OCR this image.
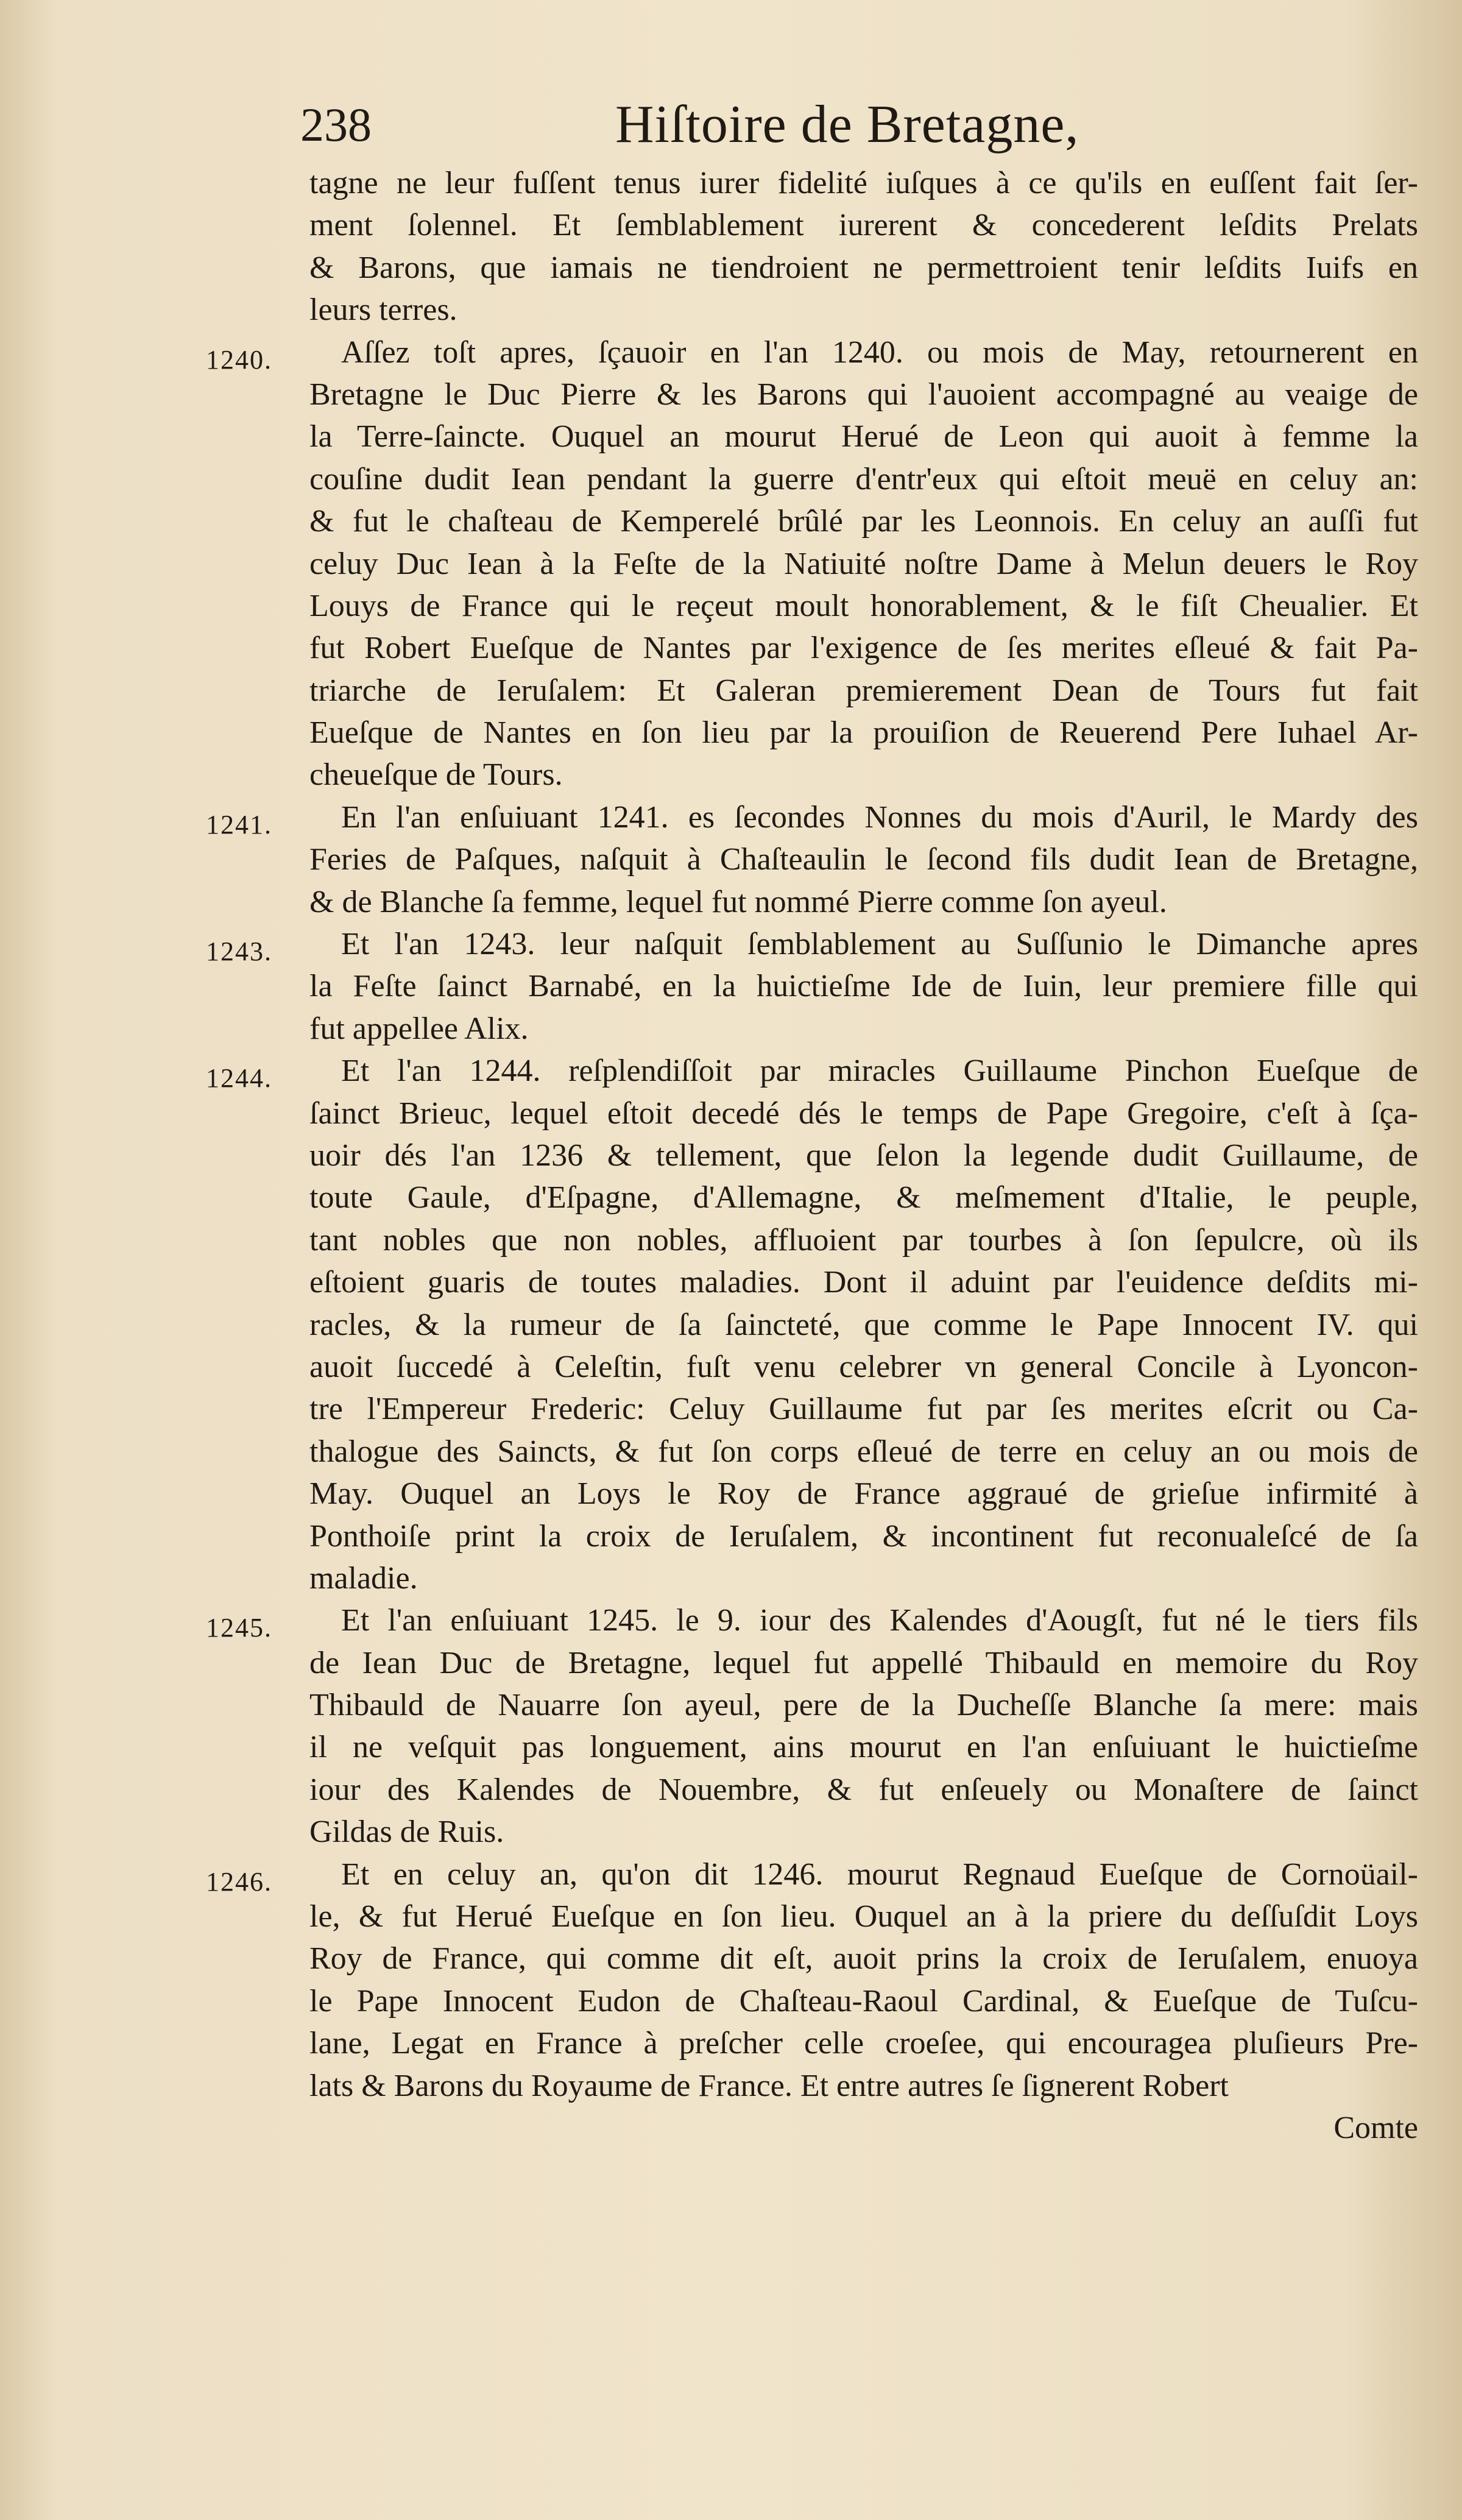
238	Hiſtoire de Bretagne,
tagne ne leur fuſſent tenus iurer fidelité iuſques à ce qu'ils en euſſent fait ſer-
ment ſolennel. Et ſemblablement iurerent & concederent leſdits Prelats
& Barons, que iamais ne tiendroient ne permettroient tenir leſdits Iuifs en
leurs terres.
1240.	Aſſez toſt apres, ſçauoir en l'an 1240. ou mois de May, retournerent en
Bretagne le Duc Pierre & les Barons qui l'auoient accompagné au veaige de
la Terre-ſaincte. Ouquel an mourut Herué de Leon qui auoit à femme la
couſine dudit Iean pendant la guerre d'entr'eux qui eſtoit meuë en celuy an:
& fut le chaſteau de Kemperelé brûlé par les Leonnois. En celuy an auſſi fut
celuy Duc Iean à la Feſte de la Natiuité noſtre Dame à Melun deuers le Roy
Louys de France qui le reçeut moult honorablement, & le fiſt Cheualier. Et
fut Robert Eueſque de Nantes par l'exigence de ſes merites eſleué & fait Pa-
triarche de Ieruſalem: Et Galeran premierement Dean de Tours fut fait
Eueſque de Nantes en ſon lieu par la prouiſion de Reuerend Pere Iuhael Ar-
cheueſque de Tours.
1241.	En l'an enſuiuant 1241. es ſecondes Nonnes du mois d'Auril, le Mardy des
Feries de Paſques, naſquit à Chaſteaulin le ſecond fils dudit Iean de Bretagne,
& de Blanche ſa femme, lequel fut nommé Pierre comme ſon ayeul.
1243.	Et l'an 1243. leur naſquit ſemblablement au Suſſunio le Dimanche apres
la Feſte ſainct Barnabé, en la huictieſme Ide de Iuin, leur premiere fille qui
fut appellee Alix.
1244.	Et l'an 1244. reſplendiſſoit par miracles Guillaume Pinchon Eueſque de
ſainct Brieuc, lequel eſtoit decedé dés le temps de Pape Gregoire, c'eſt à ſça-
uoir dés l'an 1236 & tellement, que ſelon la legende dudit Guillaume, de
toute Gaule, d'Eſpagne, d'Allemagne, & meſmement d'Italie, le peuple,
tant nobles que non nobles, affluoient par tourbes à ſon ſepulcre, où ils
eſtoient guaris de toutes maladies. Dont il aduint par l'euidence deſdits mi-
racles, & la rumeur de ſa ſaincteté, que comme le Pape Innocent IV. qui
auoit ſuccedé à Celeſtin, fuſt venu celebrer vn general Concile à Lyoncon-
tre l'Empereur Frederic: Celuy Guillaume fut par ſes merites eſcrit ou Ca-
thalogue des Saincts, & fut ſon corps eſleué de terre en celuy an ou mois de
May. Ouquel an Loys le Roy de France aggraué de grieſue infirmité à
Ponthoiſe print la croix de Ieruſalem, & incontinent fut reconualeſcé de ſa
maladie.
1245.	Et l'an enſuiuant 1245. le 9. iour des Kalendes d'Aougſt, fut né le tiers fils
de Iean Duc de Bretagne, lequel fut appellé Thibauld en memoire du Roy
Thibauld de Nauarre ſon ayeul, pere de la Ducheſſe Blanche ſa mere: mais
il ne veſquit pas longuement, ains mourut en l'an enſuiuant le huictieſme
iour des Kalendes de Nouembre, & fut enſeuely ou Monaſtere de ſainct
Gildas de Ruis.
1246.	Et en celuy an, qu'on dit 1246. mourut Regnaud Eueſque de Cornoüail-
le, & fut Herué Eueſque en ſon lieu. Ouquel an à la priere du deſſuſdit Loys
Roy de France, qui comme dit eſt, auoit prins la croix de Ieruſalem, enuoya
le Pape Innocent Eudon de Chaſteau-Raoul Cardinal, & Eueſque de Tuſcu-
lane, Legat en France à preſcher celle croeſee, qui encouragea pluſieurs Pre-
lats & Barons du Royaume de France. Et entre autres ſe ſignerent Robert
Comte
